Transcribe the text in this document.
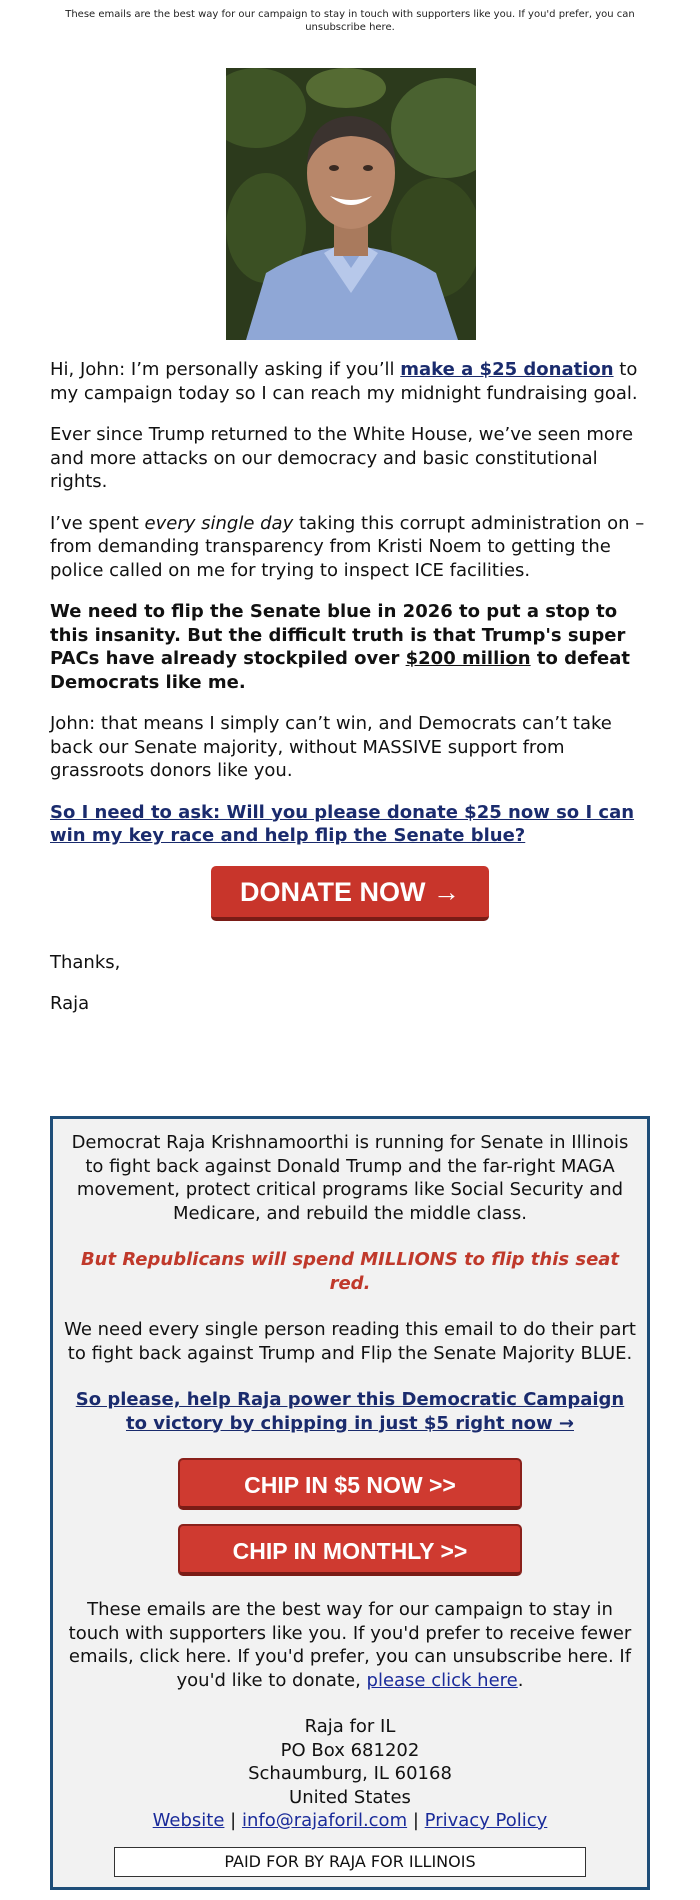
These emails are the best way for our campaign to stay in touch with supporters like you. If you'd prefer, you can unsubscribe here.

Hi, John: I’m personally asking if you’ll make a $25 donation to my campaign today so I can reach my midnight fundraising goal.

Ever since Trump returned to the White House, we’ve seen more and more attacks on our democracy and basic constitutional rights.

I’ve spent every single day taking this corrupt administration on – from demanding transparency from Kristi Noem to getting the police called on me for trying to inspect ICE facilities.

We need to flip the Senate blue in 2026 to put a stop to this insanity. But the difficult truth is that Trump's super PACs have already stockpiled over $200 million to defeat Democrats like me.

John: that means I simply can’t win, and Democrats can’t take back our Senate majority, without MASSIVE support from grassroots donors like you.

So I need to ask: Will you please donate $25 now so I can win my key race and help flip the Senate blue?

DONATE NOW →

Thanks,

Raja

Democrat Raja Krishnamoorthi is running for Senate in Illinois to fight back against Donald Trump and the far-right MAGA movement, protect critical programs like Social Security and Medicare, and rebuild the middle class.

But Republicans will spend MILLIONS to flip this seat red.

We need every single person reading this email to do their part to fight back against Trump and Flip the Senate Majority BLUE.

So please, help Raja power this Democratic Campaign to victory by chipping in just $5 right now →

CHIP IN $5 NOW >>
CHIP IN MONTHLY >>

These emails are the best way for our campaign to stay in touch with supporters like you. If you'd prefer to receive fewer emails, click here. If you'd prefer, you can unsubscribe here. If you'd like to donate, please click here.

Raja for IL
PO Box 681202
Schaumburg, IL 60168
United States
Website | info@rajaforil.com | Privacy Policy
PAID FOR BY RAJA FOR ILLINOIS
